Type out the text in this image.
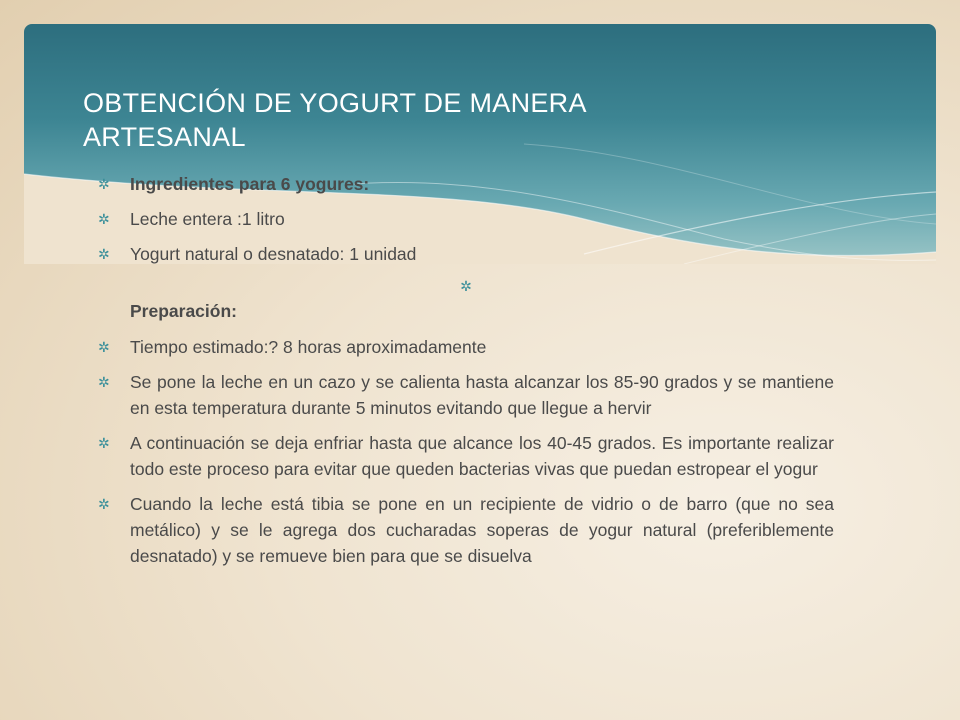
OBTENCIÓN DE YOGURT DE MANERA
ARTESANAL
✲ Ingredientes para 6 yogures:
✲ Leche entera :1 litro
✲ Yogurt natural o desnatado: 1 unidad
✲
Preparación:
✲ Tiempo estimado:? 8 horas aproximadamente
✲ Se pone la leche en un cazo y se calienta hasta alcanzar los 85-90 grados y se mantiene en esta temperatura durante 5 minutos evitando que llegue a hervir
✲ A continuación se deja enfriar hasta que alcance los 40-45 grados. Es importante realizar todo este proceso para evitar que queden bacterias vivas que puedan estropear el yogur
✲ Cuando la leche está tibia se pone en un recipiente de vidrio o de barro (que no sea metálico) y se le agrega dos cucharadas soperas de yogur natural (preferiblemente desnatado) y se remueve bien para que se disuelva
